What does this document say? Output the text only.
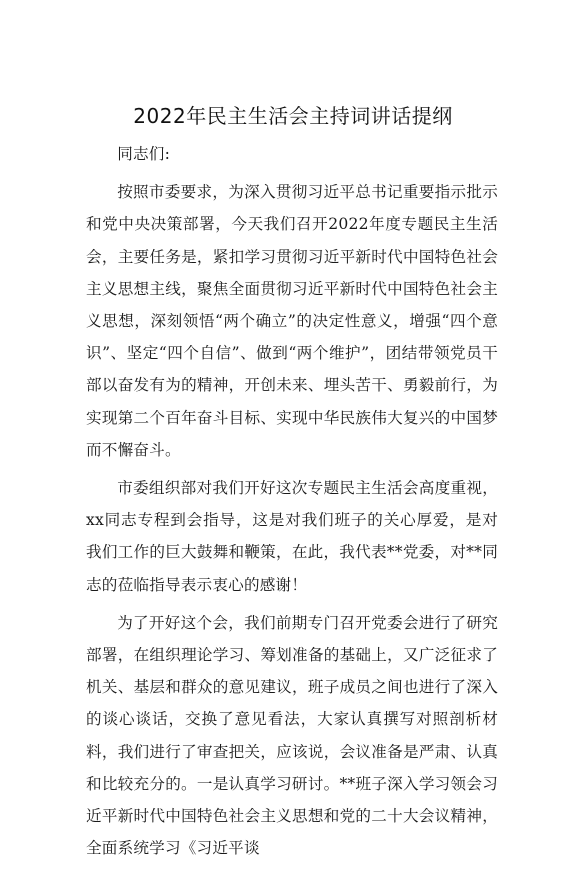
2022年民主生活会主持词讲话提纲

同志们:

按照市委要求，为深入贯彻习近平总书记重要指示批示和党中央决策部署，今天我们召开2022年度专题民主生活会，主要任务是，紧扣学习贯彻习近平新时代中国特色社会主义思想主线，聚焦全面贯彻习近平新时代中国特色社会主义思想，深刻领悟“两个确立”的决定性意义，增强“四个意识”、坚定“四个自信”、做到“两个维护”，团结带领党员干部以奋发有为的精神，开创未来、埋头苦干、勇毅前行，为实现第二个百年奋斗目标、实现中华民族伟大复兴的中国梦而不懈奋斗。

市委组织部对我们开好这次专题民主生活会高度重视，xx同志专程到会指导，这是对我们班子的关心厚爱，是对我们工作的巨大鼓舞和鞭策，在此，我代表**党委，对**同志的莅临指导表示衷心的感谢！

为了开好这个会，我们前期专门召开党委会进行了研究部署，在组织理论学习、筹划准备的基础上，又广泛征求了机关、基层和群众的意见建议，班子成员之间也进行了深入的谈心谈话，交换了意见看法，大家认真撰写对照剖析材料，我们进行了审查把关，应该说，会议准备是严肃、认真和比较充分的。一是认真学习研讨。**班子深入学习领会习近平新时代中国特色社会主义思想和党的二十大会议精神，全面系统学习《习近平谈
